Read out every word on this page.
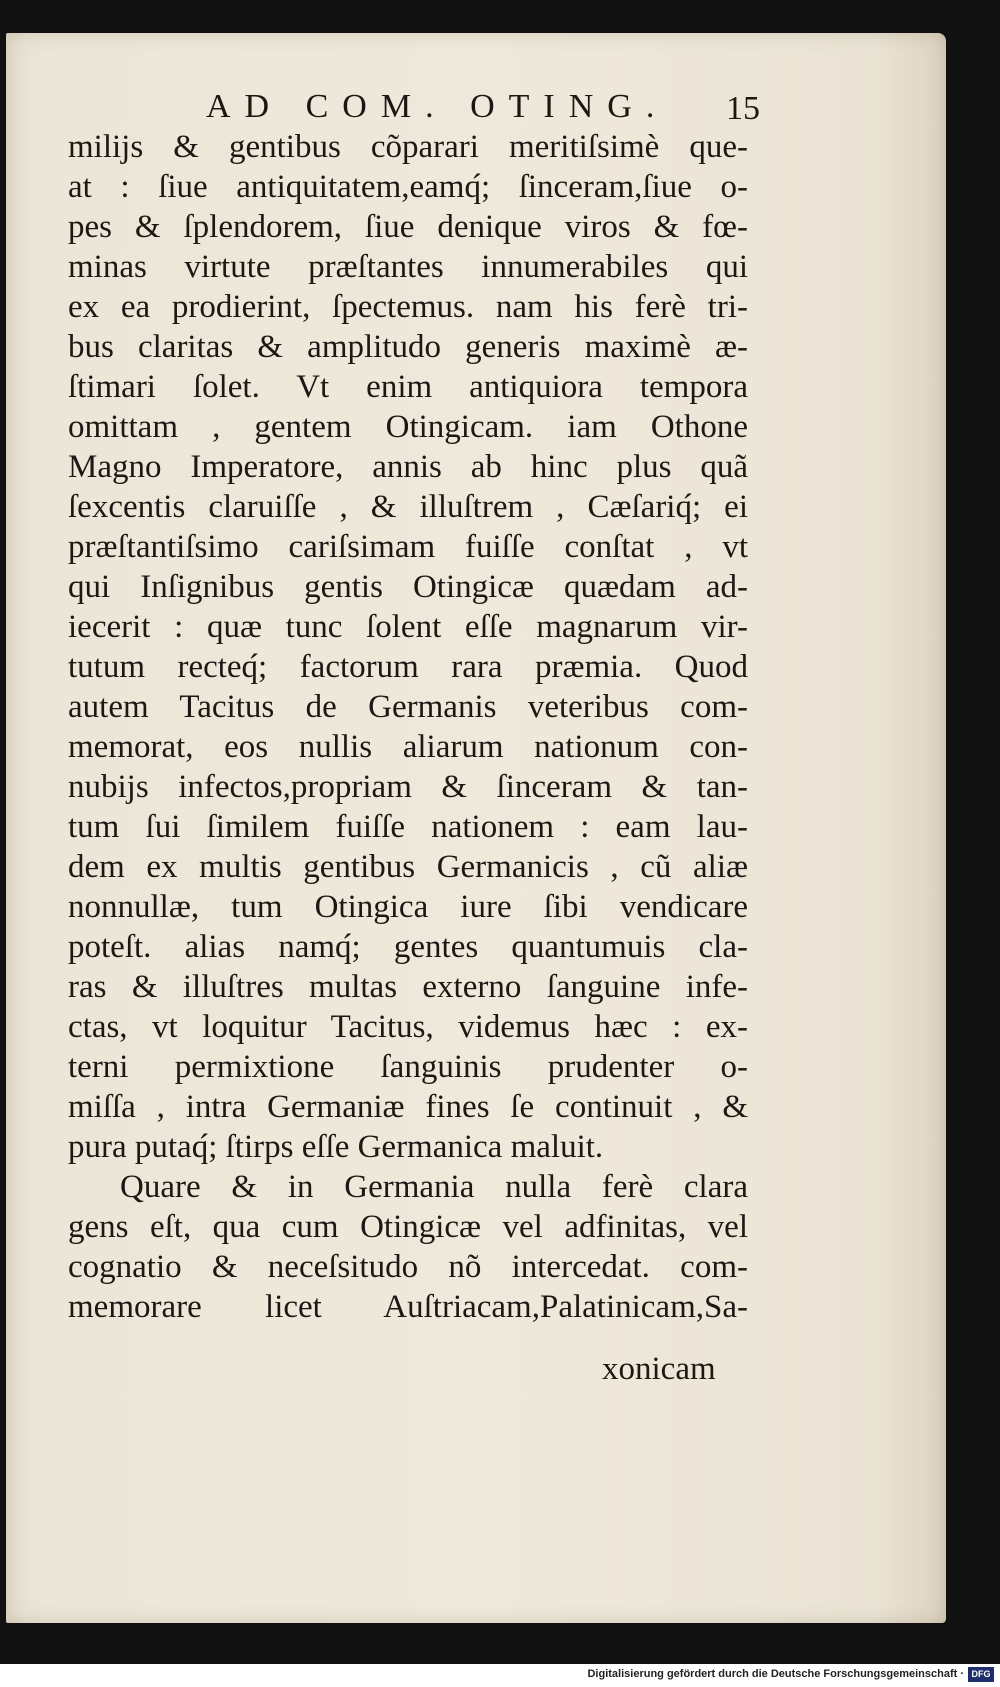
AD COM. OTING.	15
milijs & gentibus cõparari meritiſsimè que-
at : ſiue antiquitatem,eamq́; ſinceram,ſiue o-
pes & ſplendorem, ſiue denique viros & fœ-
minas virtute præſtantes innumerabiles qui
ex ea prodierint, ſpectemus. nam his ferè tri-
bus claritas & amplitudo generis maximè æ-
ſtimari ſolet. Vt enim antiquiora tempora
omittam , gentem Otingicam. iam Othone
Magno Imperatore, annis ab hinc plus quã
ſexcentis claruiſſe , & illuſtrem , Cæſariq́; ei
præſtantiſsimo cariſsimam fuiſſe conſtat , vt
qui Inſignibus gentis Otingicæ quædam ad-
iecerit : quæ tunc ſolent eſſe magnarum vir-
tutum recteq́; factorum rara præmia. Quod
autem Tacitus de Germanis veteribus com-
memorat, eos nullis aliarum nationum con-
nubijs infectos,propriam & ſinceram & tan-
tum ſui ſimilem fuiſſe nationem : eam lau-
dem ex multis gentibus Germanicis , cũ aliæ
nonnullæ, tum Otingica iure ſibi vendicare
poteſt. alias namq́; gentes quantumuis cla-
ras & illuſtres multas externo ſanguine infe-
ctas, vt loquitur Tacitus, videmus hæc : ex-
terni permixtione ſanguinis prudenter o-
miſſa , intra Germaniæ fines ſe continuit , &
pura putaq́; ſtirps eſſe Germanica maluit.
Quare & in Germania nulla ferè clara
gens eſt, qua cum Otingicæ vel adfinitas, vel
cognatio & neceſsitudo nõ intercedat. com-
memorare licet Auſtriacam,Palatinicam,Sa-
xonicam
Digitalisierung gefördert durch die Deutsche Forschungsgemeinschaft · DFG
